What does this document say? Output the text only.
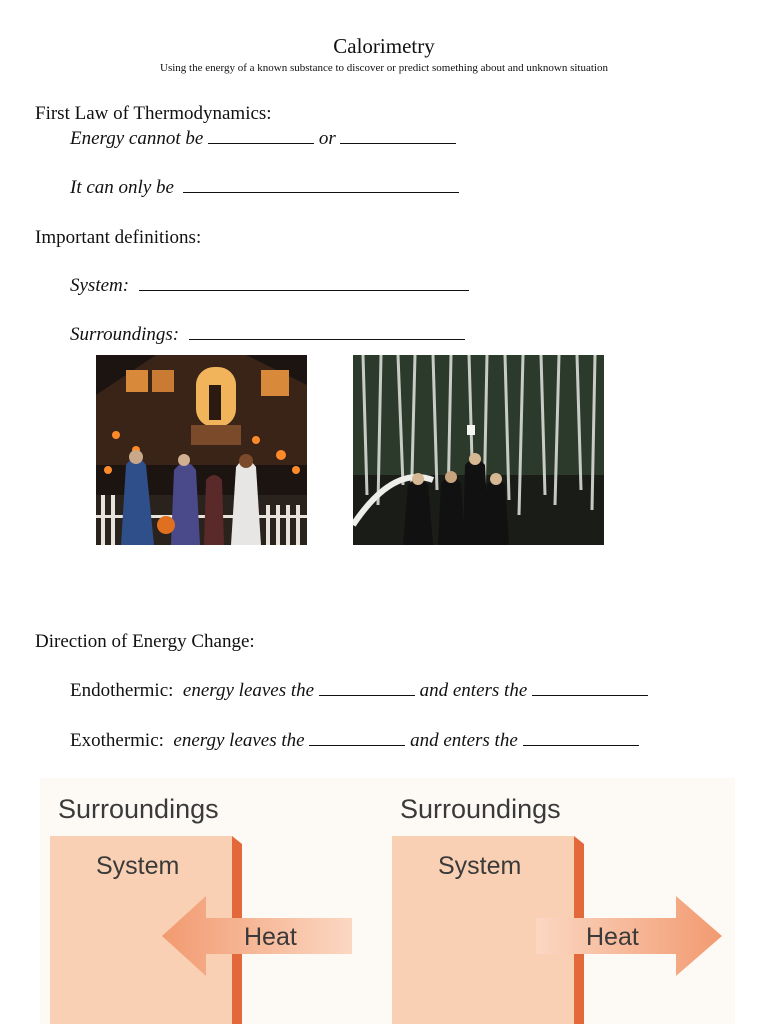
Calorimetry
Using the energy of a known substance to discover or predict something about and unknown situation
First Law of Thermodynamics:
Energy cannot be	or
It can only be
Important definitions:
System:
Surroundings:
Direction of Energy Change:
Endothermic: energy leaves the	and enters the
Exothermic: energy leaves the	and enters the
Surroundings
System
Heat
Surroundings
System
Heat
